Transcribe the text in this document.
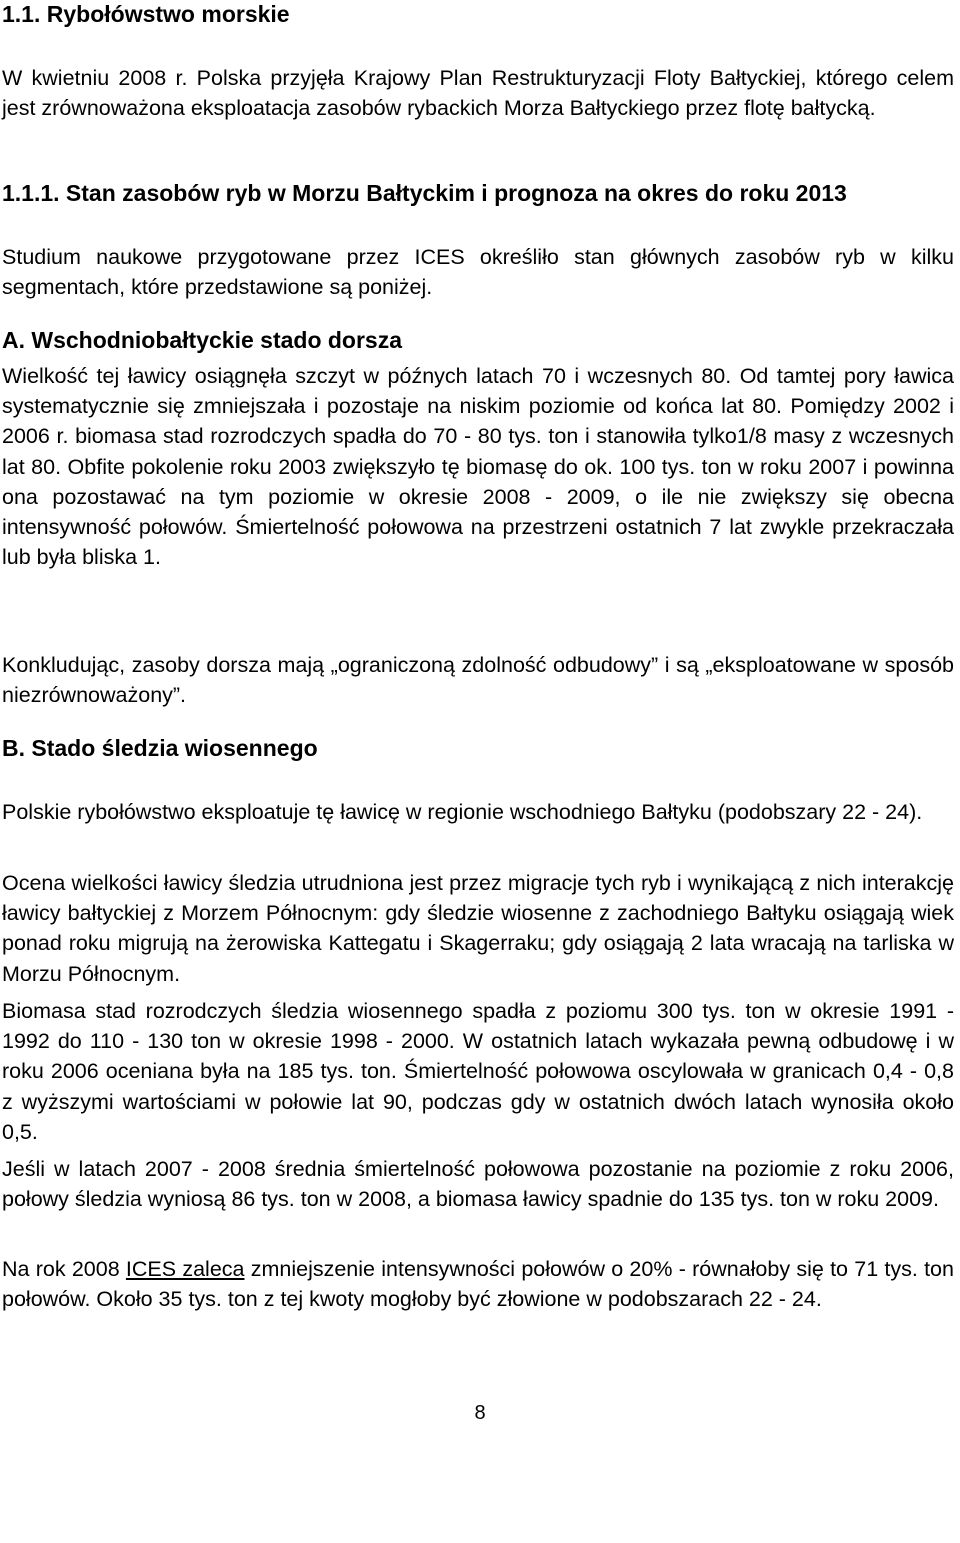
1.1. Rybołówstwo morskie

W kwietniu 2008 r. Polska przyjęła Krajowy Plan Restrukturyzacji Floty Bałtyckiej, którego celem jest zrównoważona eksploatacja zasobów rybackich Morza Bałtyckiego przez flotę bałtycką.

1.1.1. Stan zasobów ryb w Morzu Bałtyckim i prognoza na okres do roku 2013

Studium naukowe przygotowane przez ICES określiło stan głównych zasobów ryb w kilku segmentach, które przedstawione są poniżej.

A. Wschodniobałtyckie stado dorsza

Wielkość tej ławicy osiągnęła szczyt w późnych latach 70 i wczesnych 80. Od tamtej pory ławica systematycznie się zmniejszała i pozostaje na niskim poziomie od końca lat 80. Pomiędzy 2002 i 2006 r. biomasa stad rozrodczych spadła do 70 - 80 tys. ton i stanowiła tylko1/8 masy z wczesnych lat 80. Obfite pokolenie roku 2003 zwiększyło tę biomasę do ok. 100 tys. ton w roku 2007 i powinna ona pozostawać na tym poziomie w okresie 2008 - 2009, o ile nie zwiększy się obecna intensywność połowów. Śmiertelność połowowa na przestrzeni ostatnich 7 lat zwykle przekraczała lub była bliska 1.

Konkludując, zasoby dorsza mają „ograniczoną zdolność odbudowy” i są „eksploatowane w sposób niezrównoważony”.

B. Stado śledzia wiosennego

Polskie rybołówstwo eksploatuje tę ławicę w regionie wschodniego Bałtyku (podobszary 22 - 24).

Ocena wielkości ławicy śledzia utrudniona jest przez migracje tych ryb i wynikającą z nich interakcję ławicy bałtyckiej z Morzem Północnym: gdy śledzie wiosenne z zachodniego Bałtyku osiągają wiek ponad roku migrują na żerowiska Kattegatu i Skagerraku; gdy osiągają 2 lata wracają na tarliska w Morzu Północnym.

Biomasa stad rozrodczych śledzia wiosennego spadła z poziomu 300 tys. ton w okresie 1991 - 1992 do 110 - 130 ton w okresie 1998 - 2000. W ostatnich latach wykazała pewną odbudowę i w roku 2006 oceniana była na 185 tys. ton. Śmiertelność połowowa oscylowała w granicach 0,4 - 0,8 z wyższymi wartościami w połowie lat 90, podczas gdy w ostatnich dwóch latach wynosiła około 0,5.

Jeśli w latach 2007 - 2008 średnia śmiertelność połowowa pozostanie na poziomie z roku 2006, połowy śledzia wyniosą 86 tys. ton w 2008, a biomasa ławicy spadnie do 135 tys. ton w roku 2009.

Na rok 2008 ICES zaleca zmniejszenie intensywności połowów o 20% - równałoby się to 71 tys. ton połowów. Około 35 tys. ton z tej kwoty mogłoby być złowione w podobszarach 22 - 24.

8
